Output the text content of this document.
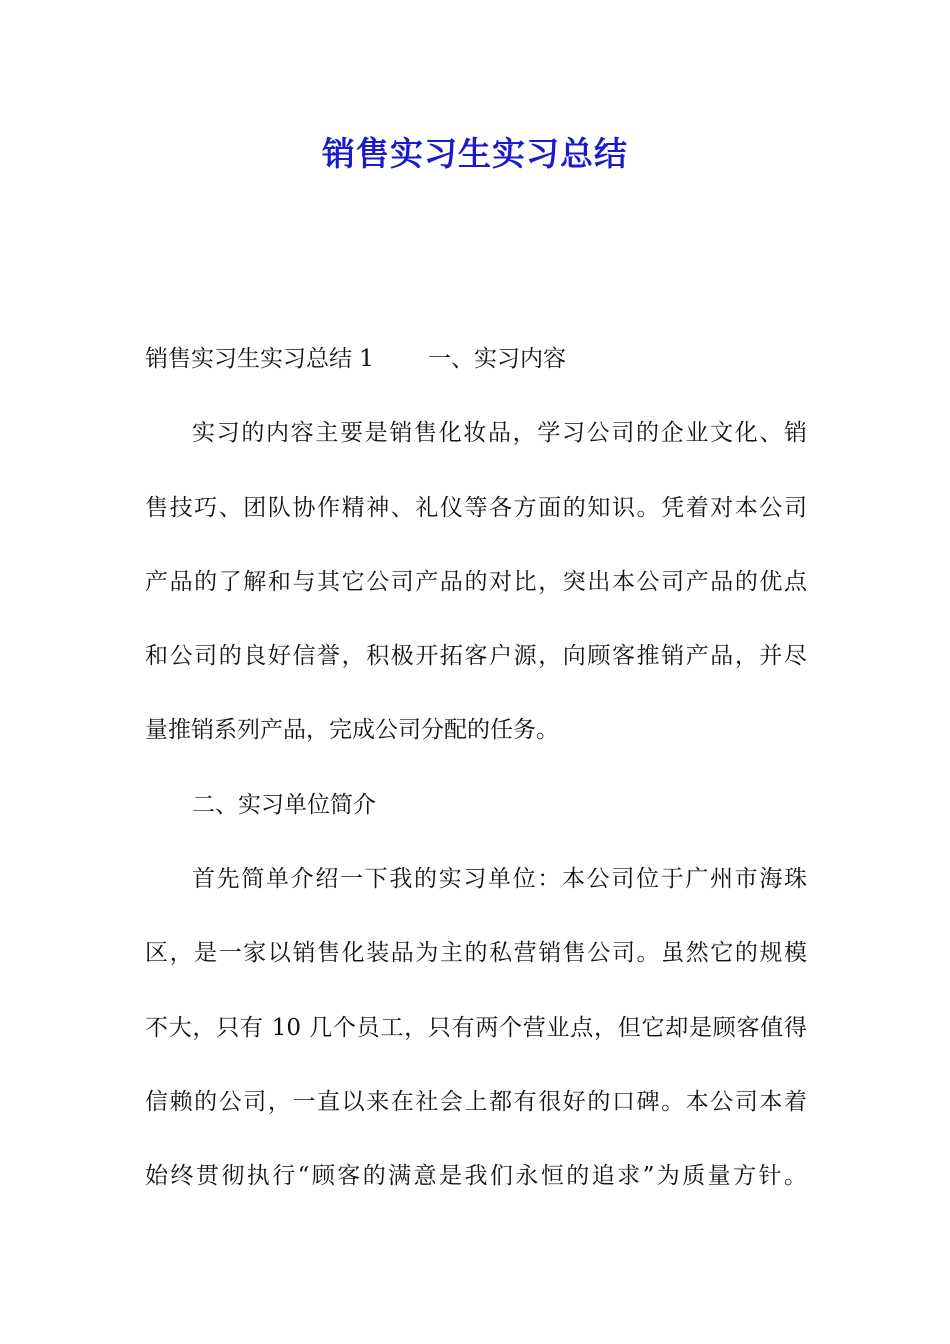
销售实习生实习总结
销售实习生实习总结 1 一、实习内容
实习的内容主要是销售化妆品，学习公司的企业文化、销
售技巧、团队协作精神、礼仪等各方面的知识。凭着对本公司
产品的了解和与其它公司产品的对比，突出本公司产品的优点
和公司的良好信誉，积极开拓客户源，向顾客推销产品，并尽
量推销系列产品，完成公司分配的任务。
二、实习单位简介
首先简单介绍一下我的实习单位：本公司位于广州市海珠
区，是一家以销售化装品为主的私营销售公司。虽然它的规模
不大，只有 10 几个员工，只有两个营业点，但它却是顾客值得
信赖的公司，一直以来在社会上都有很好的口碑。本公司本着
始终贯彻执行“顾客的满意是我们永恒的追求”为质量方针。
